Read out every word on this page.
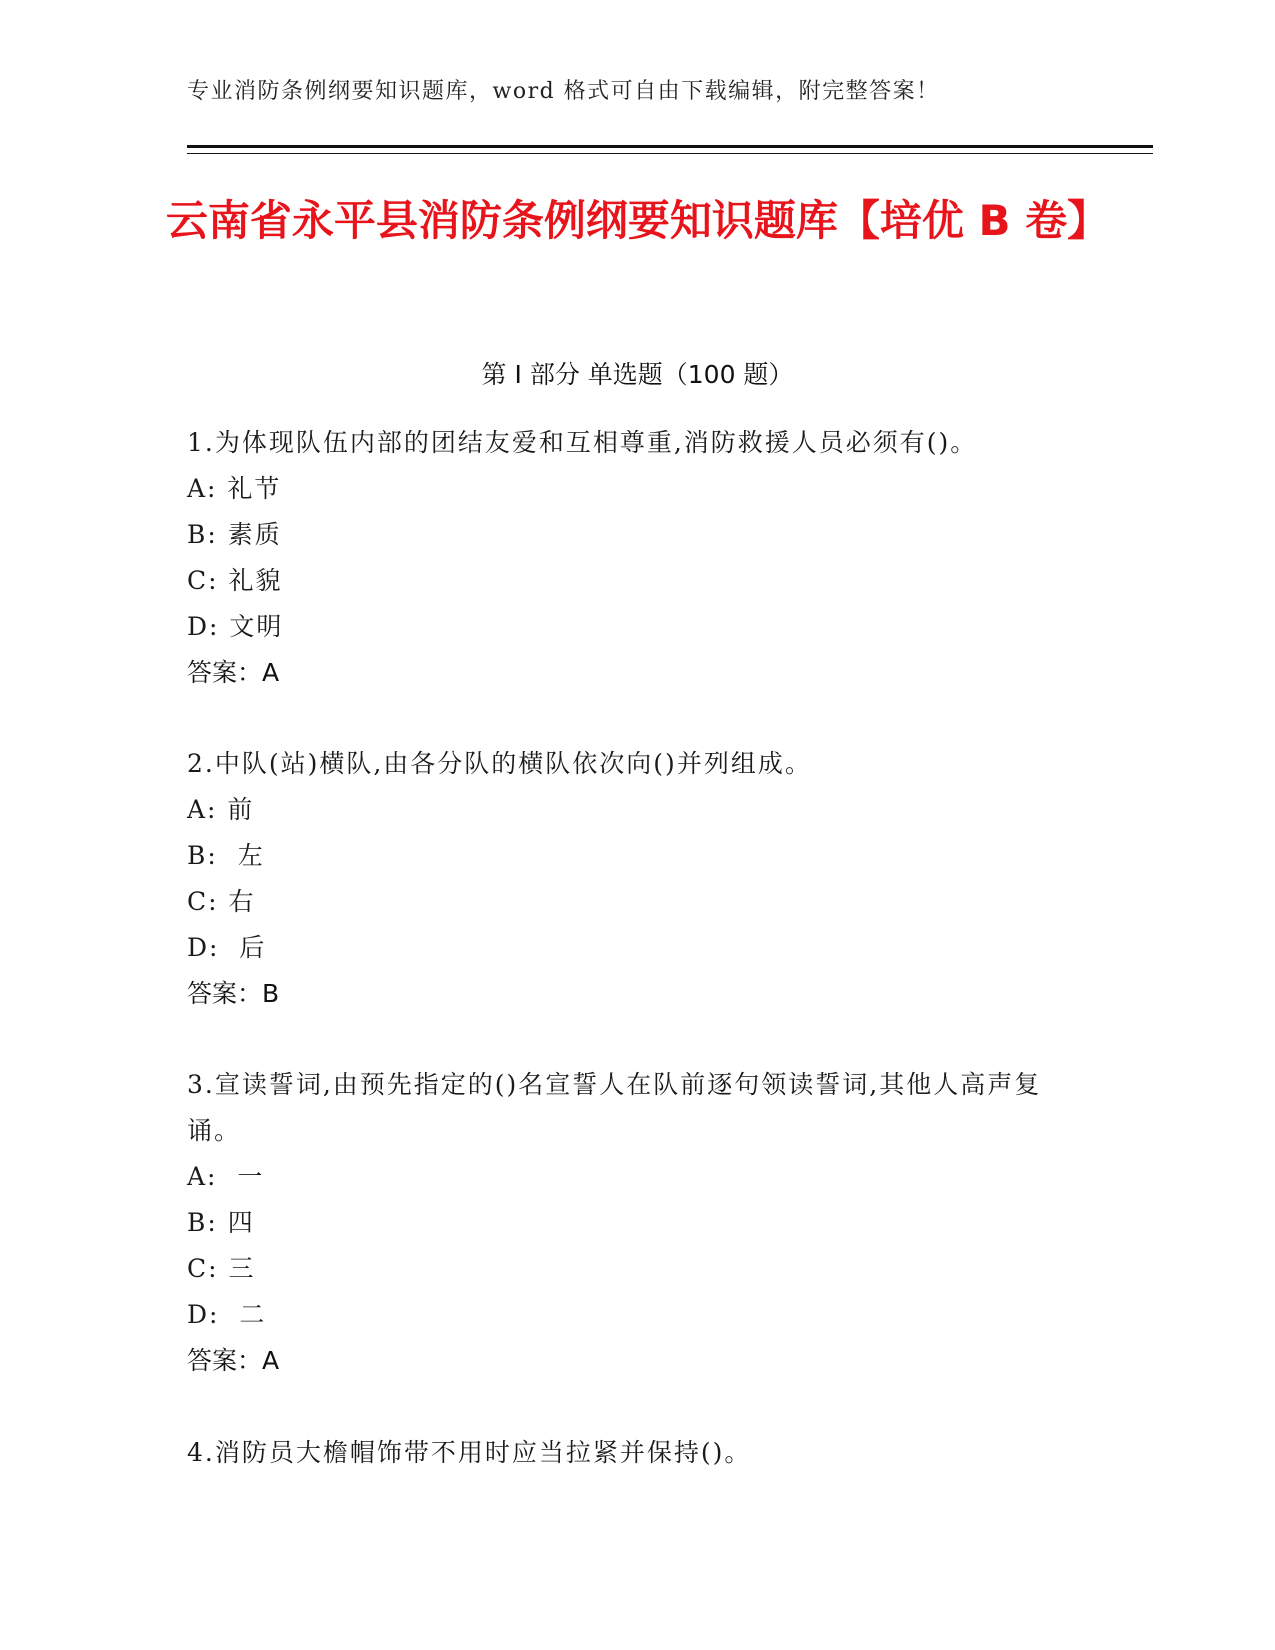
专业消防条例纲要知识题库，word 格式可自由下载编辑，附完整答案！
云南省永平县消防条例纲要知识题库【培优 B 卷】
第 I 部分 单选题（100 题）
1.为体现队伍内部的团结友爱和互相尊重,消防救援人员必须有()。
A: 礼节
B: 素质
C: 礼貌
D: 文明
答案：A
2.中队(站)横队,由各分队的横队依次向()并列组成。
A: 前
B:  左
C: 右
D:  后
答案：B
3.宣读誓词,由预先指定的()名宣誓人在队前逐句领读誓词,其他人高声复诵。
A:  一
B: 四
C: 三
D:  二
答案：A
4.消防员大檐帽饰带不用时应当拉紧并保持()。
